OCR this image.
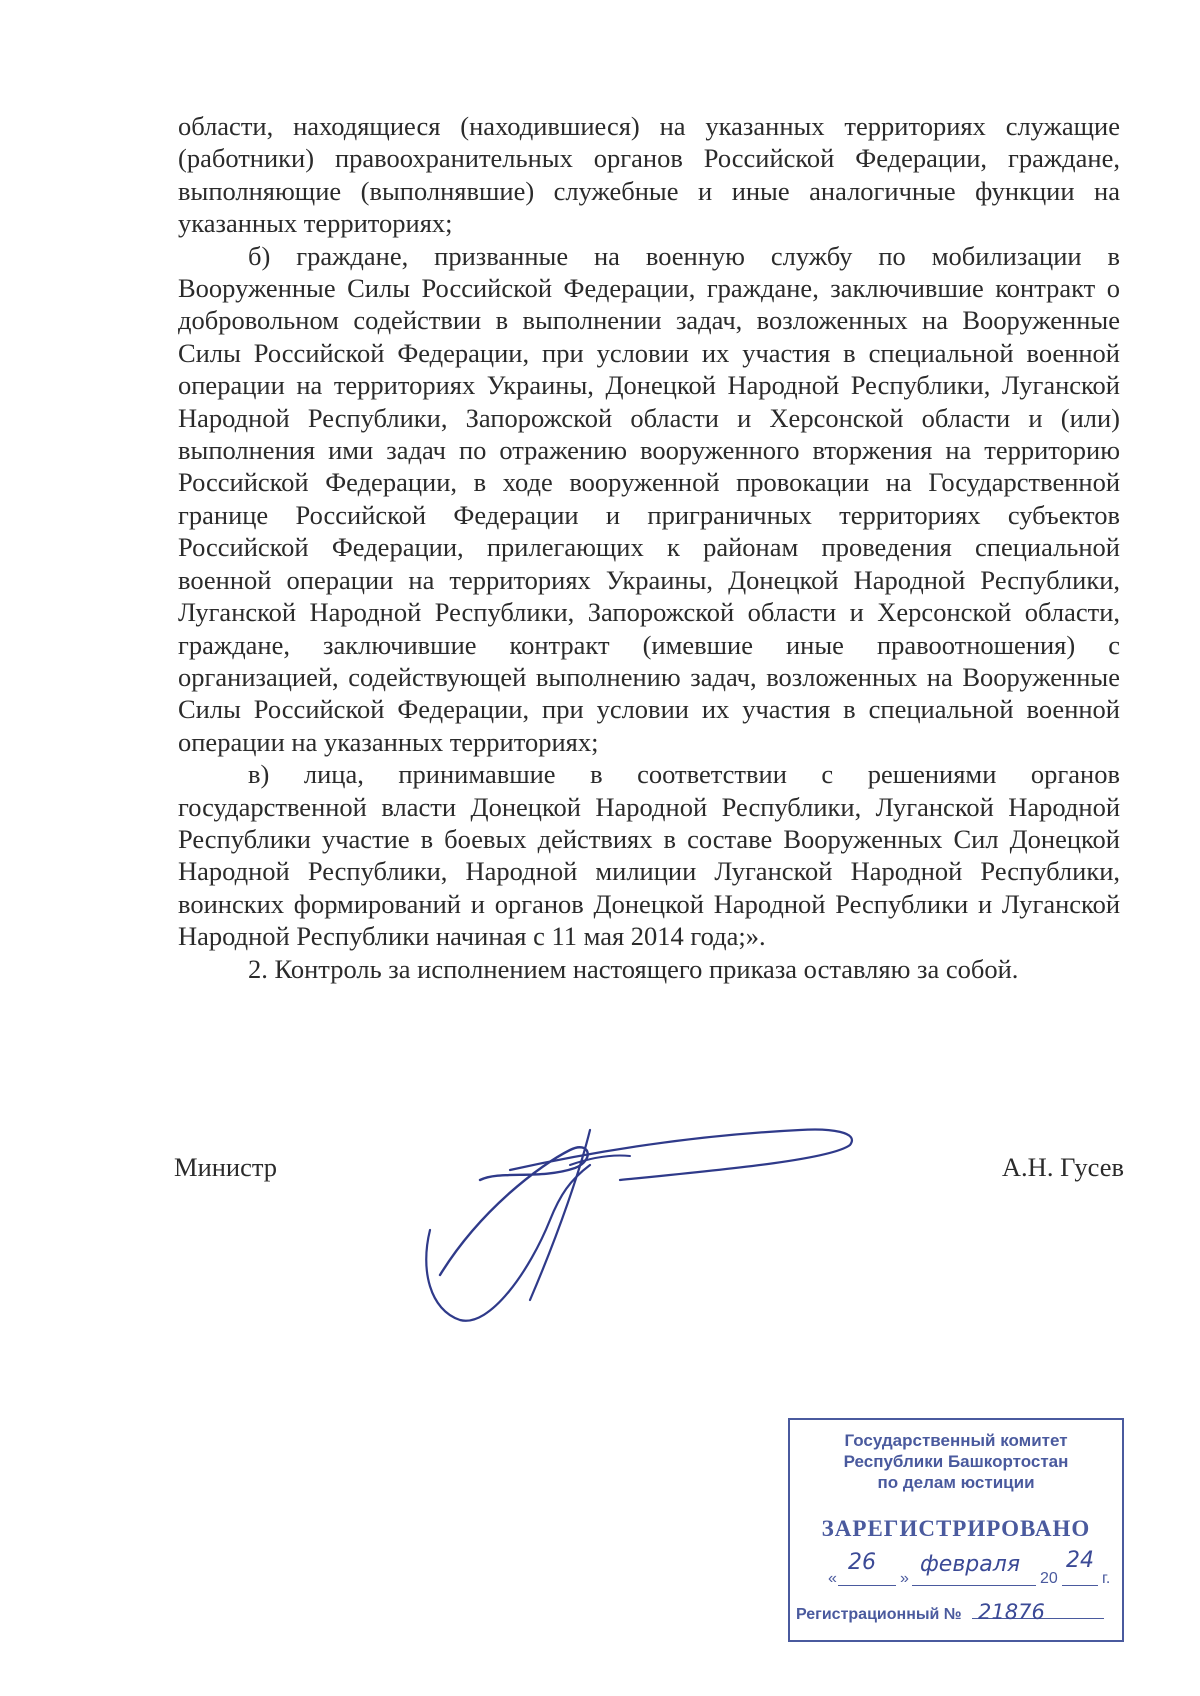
области, находящиеся (находившиеся) на указанных территориях служащие (работники) правоохранительных органов Российской Федерации, граждане, выполняющие (выполнявшие) служебные и иные аналогичные функции на указанных территориях;

б) граждане, призванные на военную службу по мобилизации в Вооруженные Силы Российской Федерации, граждане, заключившие контракт о добровольном содействии в выполнении задач, возложенных на Вооруженные Силы Российской Федерации, при условии их участия в специальной военной операции на территориях Украины, Донецкой Народной Республики, Луганской Народной Республики, Запорожской области и Херсонской области и (или) выполнения ими задач по отражению вооруженного вторжения на территорию Российской Федерации, в ходе вооруженной провокации на Государственной границе Российской Федерации и приграничных территориях субъектов Российской Федерации, прилегающих к районам проведения специальной военной операции на территориях Украины, Донецкой Народной Республики, Луганской Народной Республики, Запорожской области и Херсонской области, граждане, заключившие контракт (имевшие иные правоотношения) с организацией, содействующей выполнению задач, возложенных на Вооруженные Силы Российской Федерации, при условии их участия в специальной военной операции на указанных территориях;

в) лица, принимавшие в соответствии с решениями органов государственной власти Донецкой Народной Республики, Луганской Народной Республики участие в боевых действиях в составе Вооруженных Сил Донецкой Народной Республики, Народной милиции Луганской Народной Республики, воинских формирований и органов Донецкой Народной Республики и Луганской Народной Республики начиная с 11 мая 2014 года;».

2. Контроль за исполнением настоящего приказа оставляю за собой.

Министр	А.Н. Гусев
Государственный комитет
Республики Башкортостан
по делам юстиции
ЗАРЕГИСТРИРОВАНО
«
26
»
февраля
20
24
г.
Регистрационный № 21876
